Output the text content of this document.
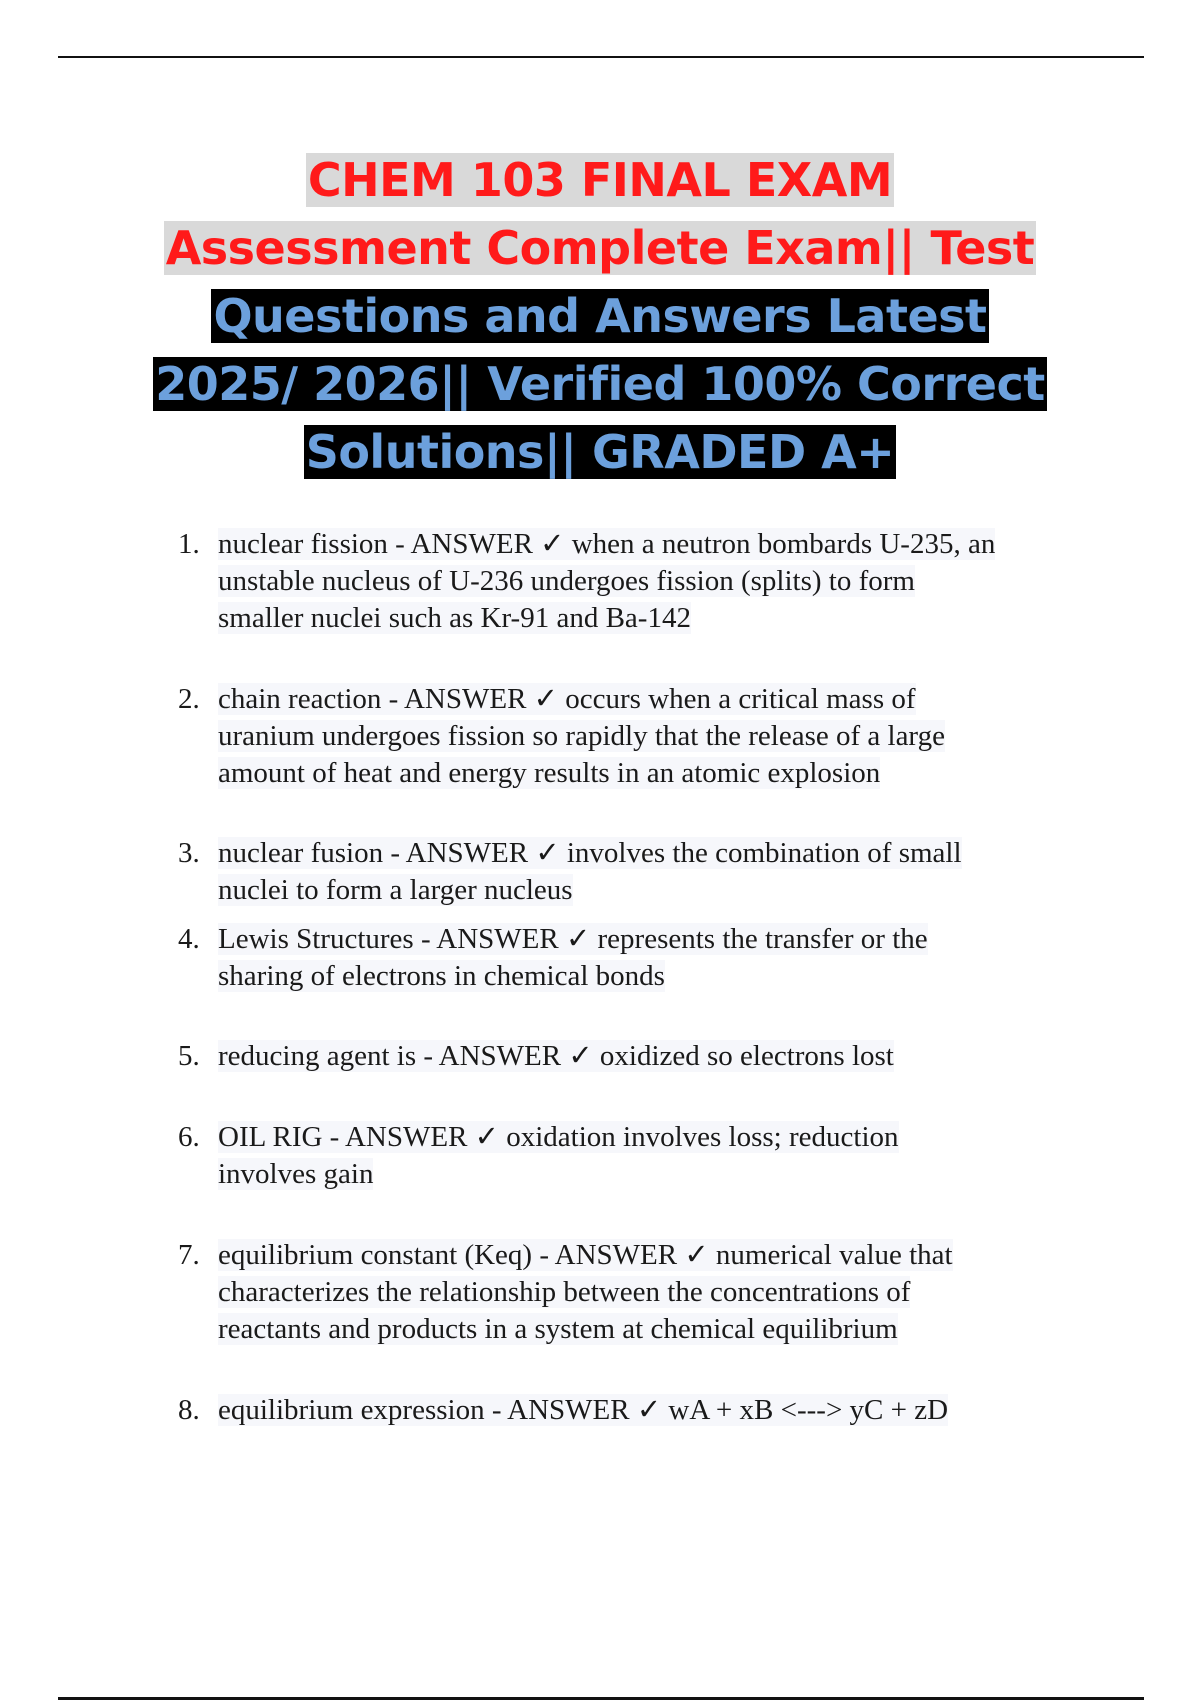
CHEM 103 FINAL EXAM
Assessment Complete Exam|| Test
Questions and Answers Latest
2025/ 2026|| Verified 100% Correct
Solutions|| GRADED A+
1. nuclear fission - ANSWER ✓ when a neutron bombards U-235, an
unstable nucleus of U-236 undergoes fission (splits) to form
smaller nuclei such as Kr-91 and Ba-142
2. chain reaction - ANSWER ✓ occurs when a critical mass of
uranium undergoes fission so rapidly that the release of a large
amount of heat and energy results in an atomic explosion
3. nuclear fusion - ANSWER ✓ involves the combination of small
nuclei to form a larger nucleus
4. Lewis Structures - ANSWER ✓ represents the transfer or the
sharing of electrons in chemical bonds
5. reducing agent is - ANSWER ✓ oxidized so electrons lost
6. OIL RIG - ANSWER ✓ oxidation involves loss; reduction
involves gain
7. equilibrium constant (Keq) - ANSWER ✓ numerical value that
characterizes the relationship between the concentrations of
reactants and products in a system at chemical equilibrium
8. equilibrium expression - ANSWER ✓ wA + xB <---> yC + zD
